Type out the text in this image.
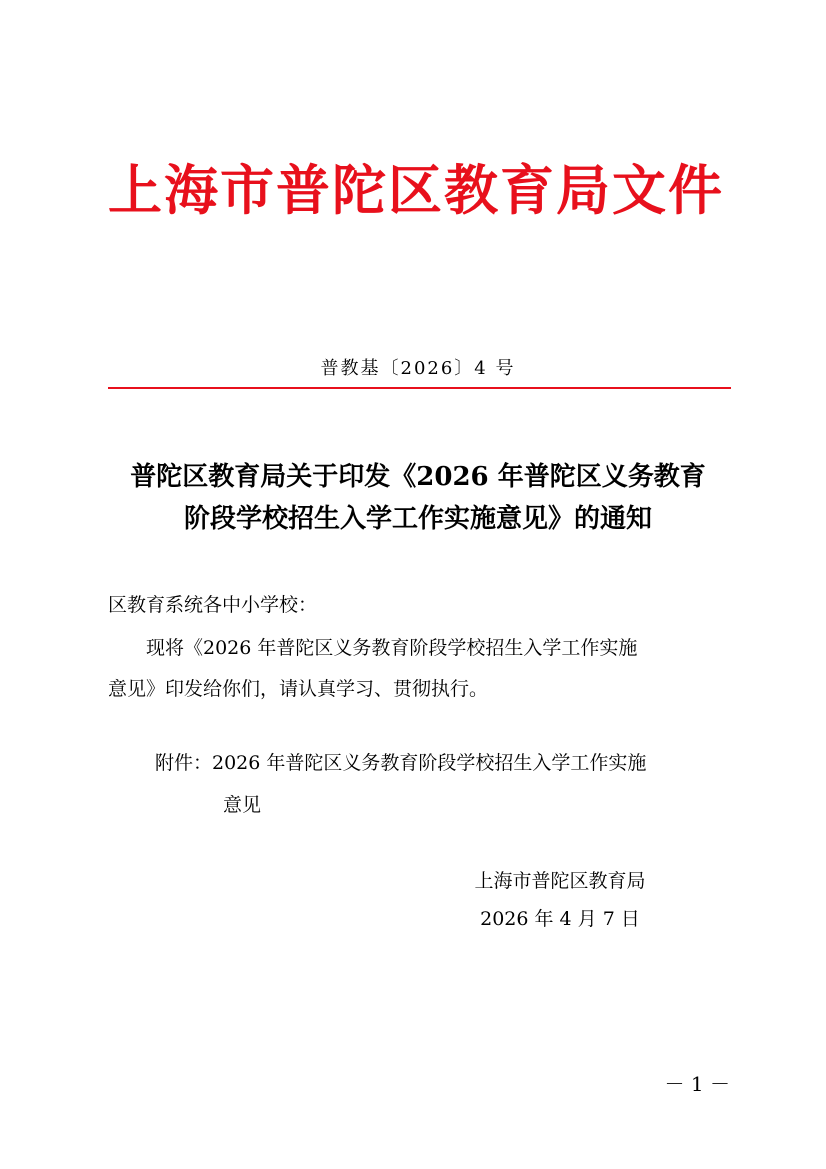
上海市普陀区教育局文件
普教基〔2026〕4 号
普陀区教育局关于印发《2026 年普陀区义务教育
阶段学校招生入学工作实施意见》的通知
区教育系统各中小学校：
现将《2026 年普陀区义务教育阶段学校招生入学工作实施
意见》印发给你们，请认真学习、贯彻执行。
附件：2026 年普陀区义务教育阶段学校招生入学工作实施
意见
上海市普陀区教育局
2026 年 4 月 7 日
－ 1 －
